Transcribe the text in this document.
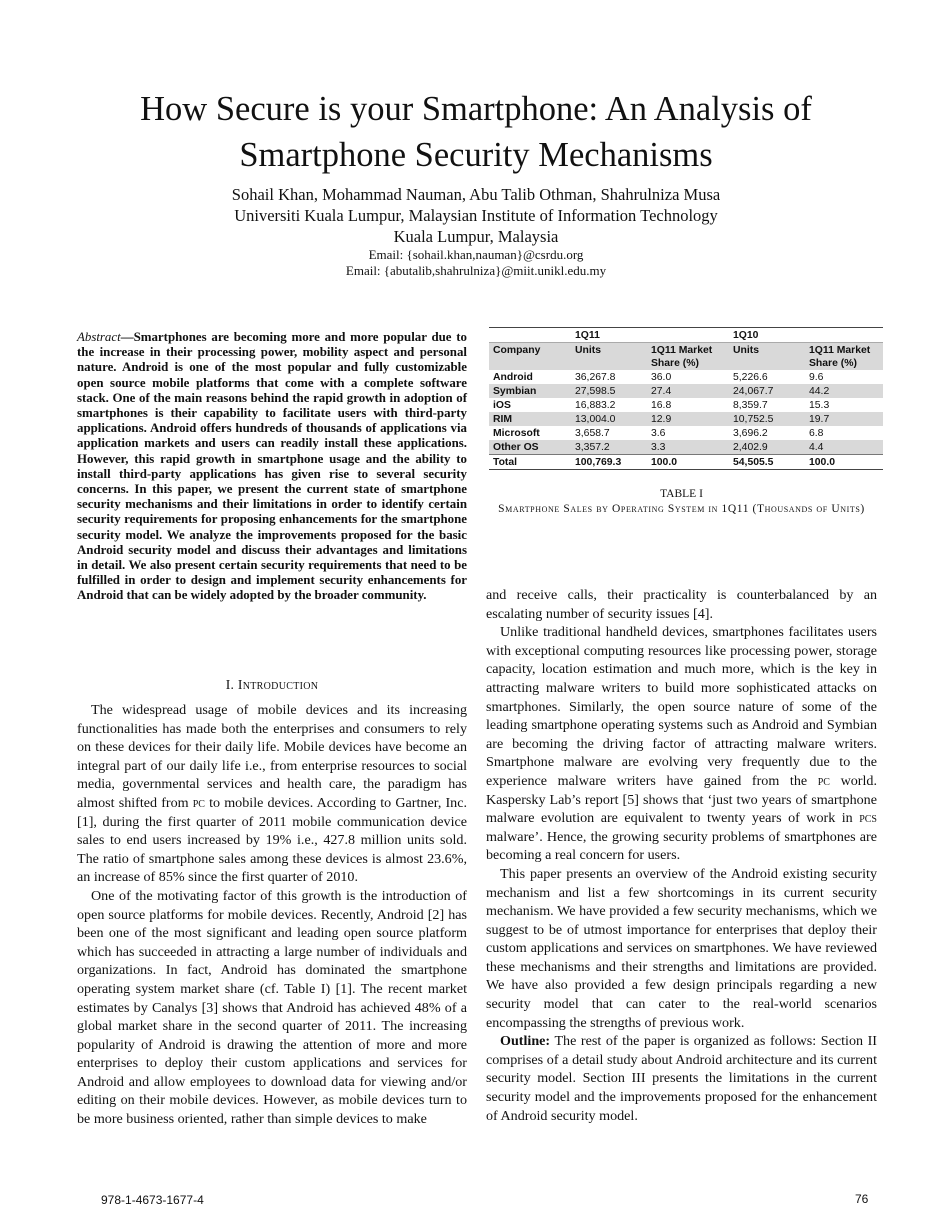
How Secure is your Smartphone: An Analysis of
Smartphone Security Mechanisms
Sohail Khan, Mohammad Nauman, Abu Talib Othman, Shahrulniza Musa
Universiti Kuala Lumpur, Malaysian Institute of Information Technology
Kuala Lumpur, Malaysia
Email: {sohail.khan,nauman}@csrdu.org
Email: {abutalib,shahrulniza}@miit.unikl.edu.my

Abstract—Smartphones are becoming more and more popular due to the increase in their processing power, mobility aspect and personal nature. Android is one of the most popular and fully customizable open source mobile platforms that come with a complete software stack. One of the main reasons behind the rapid growth in adoption of smartphones is their capability to facilitate users with third-party applications. Android offers hundreds of thousands of applications via application markets and users can readily install these applications. However, this rapid growth in smartphone usage and the ability to install third-party applications has given rise to several security concerns. In this paper, we present the current state of smartphone security mechanisms and their limitations in order to identify certain security requirements for proposing enhancements for the smartphone security model. We analyze the improvements proposed for the basic Android security model and discuss their advantages and limitations in detail. We also present certain security requirements that need to be fulfilled in order to design and implement security enhancements for Android that can be widely adopted by the broader community.

I. Introduction

The widespread usage of mobile devices and its increasing functionalities has made both the enterprises and consumers to rely on these devices for their daily life. Mobile devices have become an integral part of our daily life i.e., from enterprise resources to social media, governmental services and health care, the paradigm has almost shifted from pc to mobile devices. According to Gartner, Inc. [1], during the first quarter of 2011 mobile communication device sales to end users increased by 19% i.e., 427.8 million units sold. The ratio of smartphone sales among these devices is almost 23.6%, an increase of 85% since the first quarter of 2010.

One of the motivating factor of this growth is the introduction of open source platforms for mobile devices. Recently, Android [2] has been one of the most significant and leading open source platform which has succeeded in attracting a large number of individuals and organizations. In fact, Android has dominated the smartphone operating system market share (cf. Table I) [1]. The recent market estimates by Canalys [3] shows that Android has achieved 48% of a global market share in the second quarter of 2011. The increasing popularity of Android is drawing the attention of more and more enterprises to deploy their custom applications and services for Android and allow employees to download data for viewing and/or editing on their mobile devices. However, as mobile devices turn to be more business oriented, rather than simple devices to make

	1Q11		1Q10	
Company	Units	1Q11 Market Share (%)	Units	1Q11 Market Share (%)
Android	36,267.8	36.0	5,226.6	9.6
Symbian	27,598.5	27.4	24,067.7	44.2
iOS	16,883.2	16.8	8,359.7	15.3
RIM	13,004.0	12.9	10,752.5	19.7
Microsoft	3,658.7	3.6	3,696.2	6.8
Other OS	3,357.2	3.3	2,402.9	4.4
Total	100,769.3	100.0	54,505.5	100.0
TABLE I
Smartphone Sales by Operating System in 1Q11 (Thousands of Units)

and receive calls, their practicality is counterbalanced by an escalating number of security issues [4].

Unlike traditional handheld devices, smartphones facilitates users with exceptional computing resources like processing power, storage capacity, location estimation and much more, which is the key in attracting malware writers to build more sophisticated attacks on smartphones. Similarly, the open source nature of some of the leading smartphone operating systems such as Android and Symbian are becoming the driving factor of attracting malware writers. Smartphone malware are evolving very frequently due to the experience malware writers have gained from the pc world. Kaspersky Lab’s report [5] shows that ‘just two years of smartphone malware evolution are equivalent to twenty years of work in pcs malware’. Hence, the growing security problems of smartphones are becoming a real concern for users.

This paper presents an overview of the Android existing security mechanism and list a few shortcomings in its current security mechanism. We have provided a few security mechanisms, which we suggest to be of utmost importance for enterprises that deploy their custom applications and services on smartphones. We have reviewed these mechanisms and their strengths and limitations are provided. We have also provided a few design principals regarding a new security model that can cater to the real-world scenarios encompassing the strengths of previous work.

Outline: The rest of the paper is organized as follows: Section II comprises of a detail study about Android architecture and its current security model. Section III presents the limitations in the current security model and the improvements proposed for the enhancement of Android security model.

978-1-4673-1677-4	76
